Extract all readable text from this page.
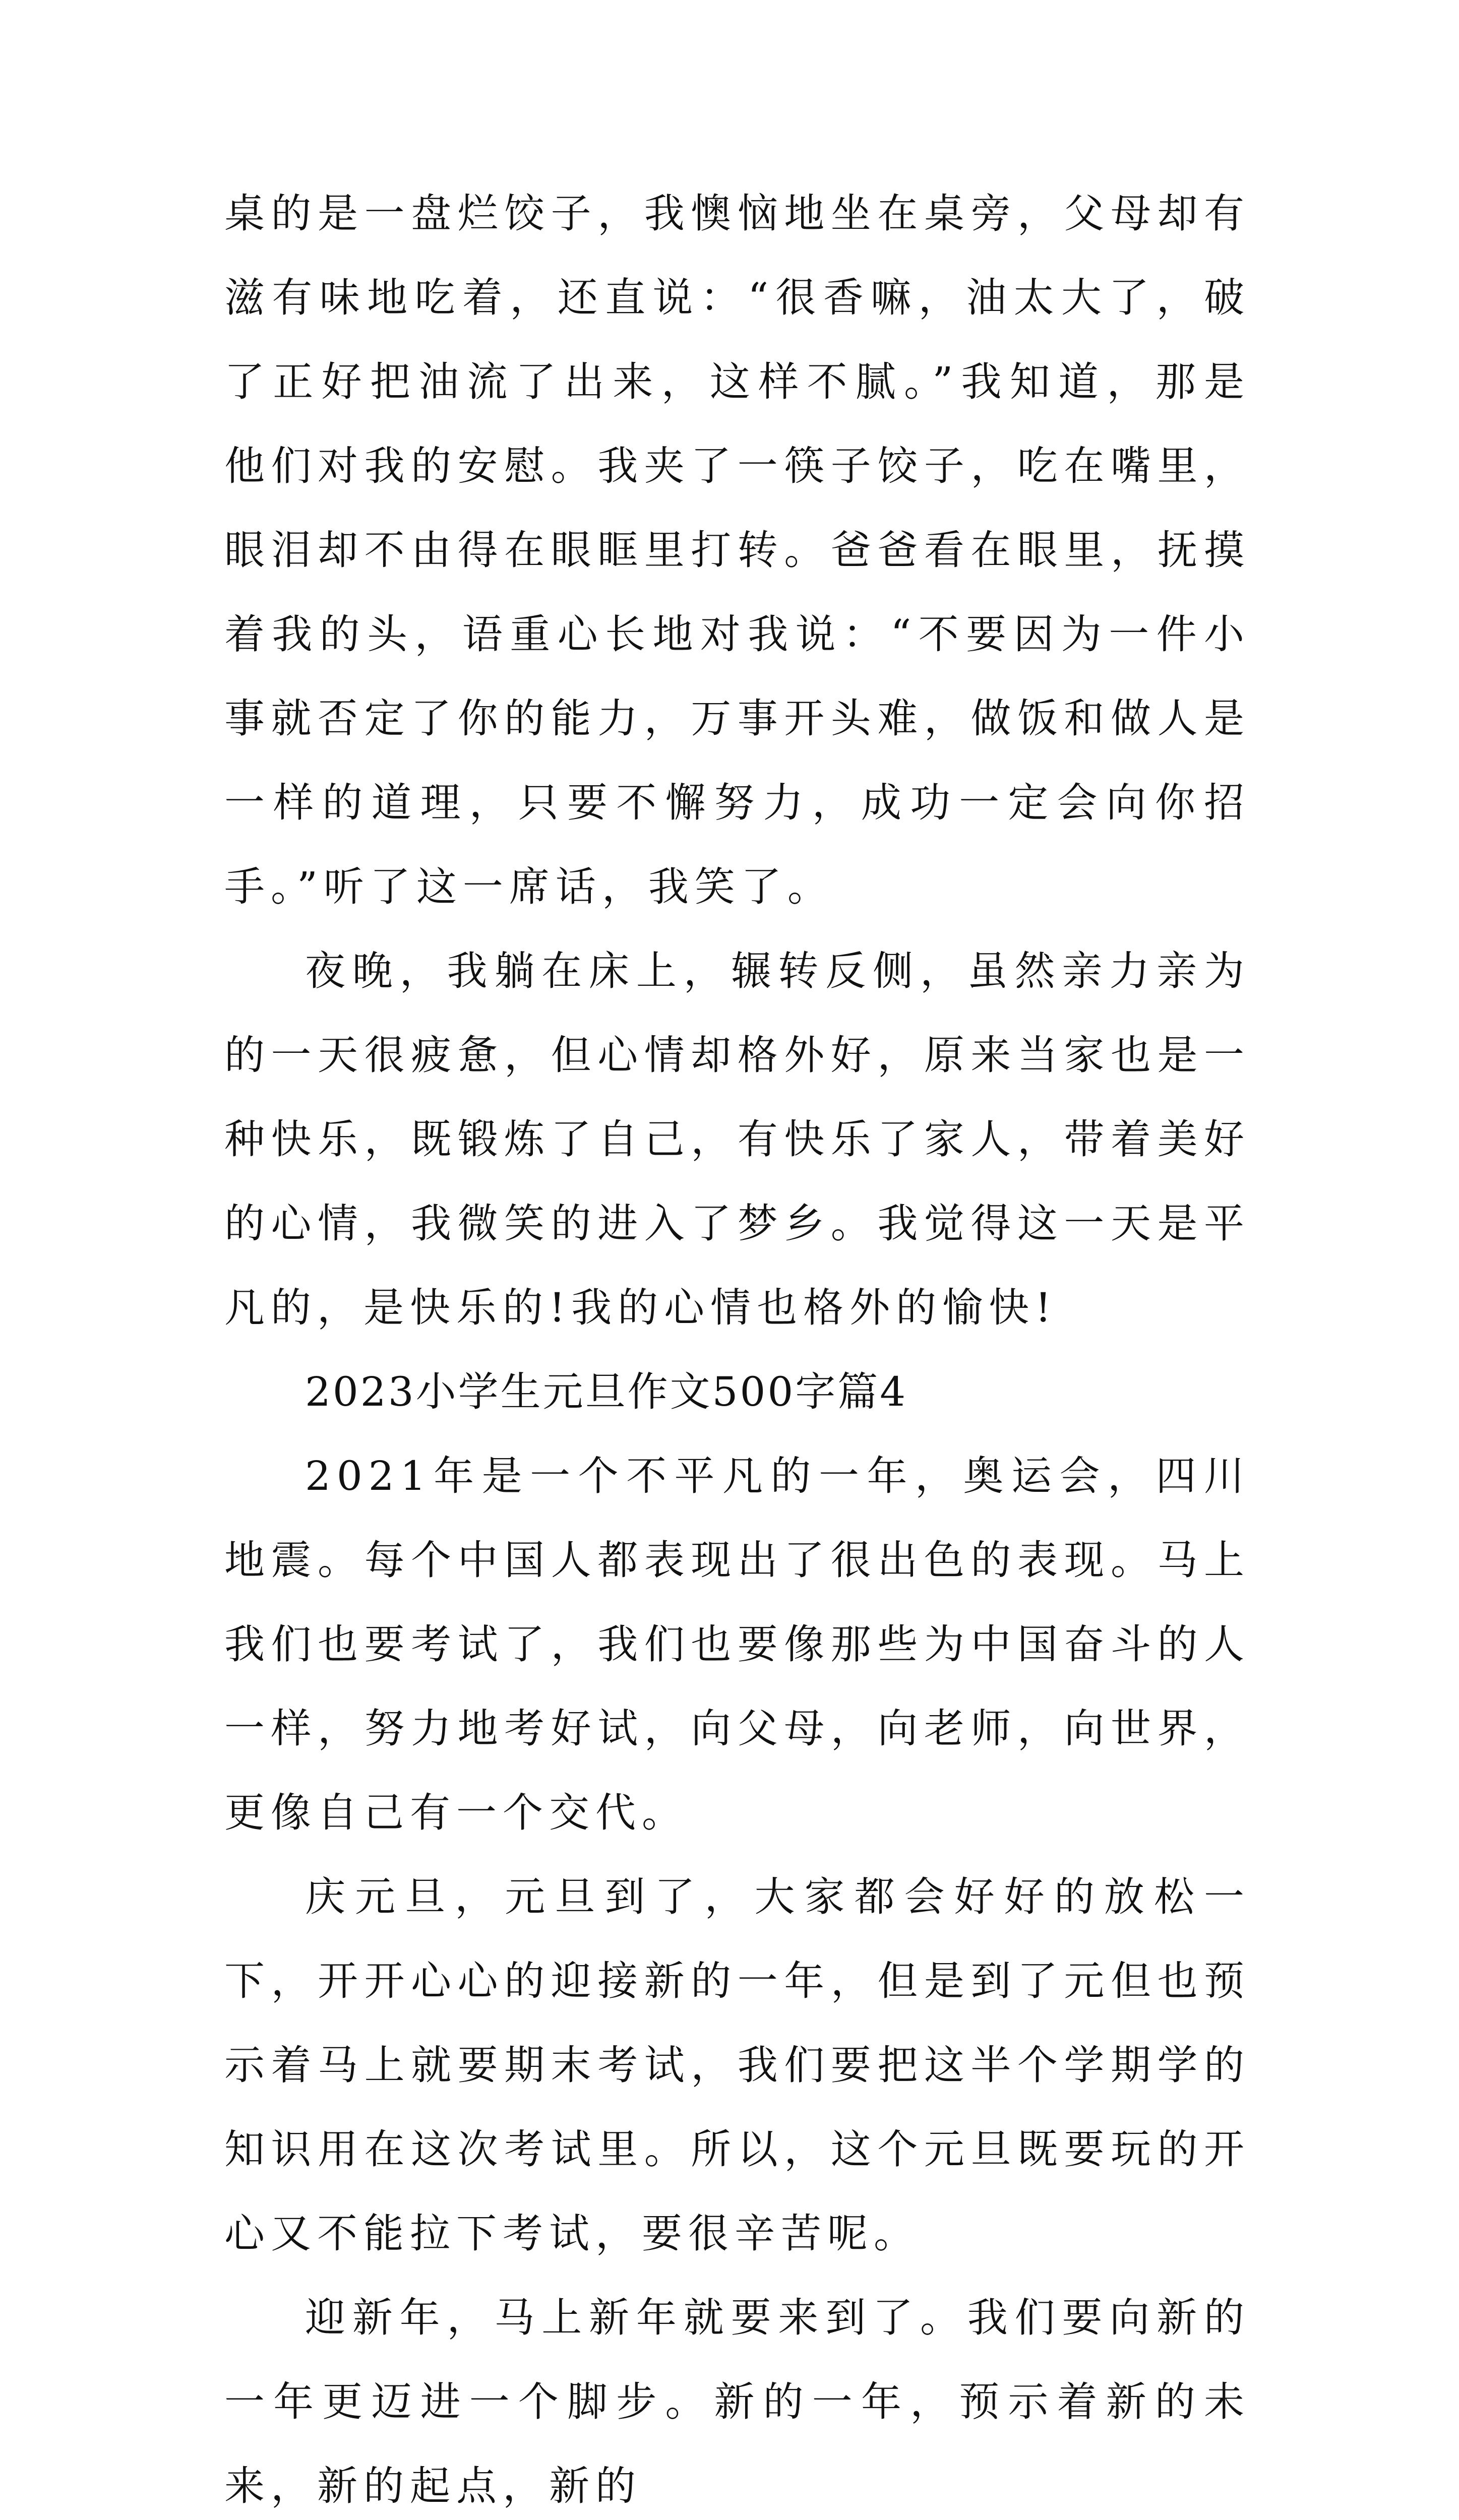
桌的是一盘烂饺子，我懊恼地坐在桌旁，父母却有滋有味地吃着，还直说：“很香嘛，油太大了，破了正好把油流了出来，这样不腻。”我知道，那是他们对我的安慰。我夹了一筷子饺子，吃在嘴里，眼泪却不由得在眼眶里打转。爸爸看在眼里，抚摸着我的头，语重心长地对我说：“不要因为一件小事就否定了你的能力，万事开头难，做饭和做人是一样的道理，只要不懈努力，成功一定会向你招手。”听了这一席话，我笑了。

夜晚，我躺在床上，辗转反侧，虽然亲力亲为的一天很疲惫，但心情却格外好，原来当家也是一种快乐，既锻炼了自己，有快乐了家人，带着美好的心情，我微笑的进入了梦乡。我觉得这一天是平凡的，是快乐的!我的心情也格外的愉快!

2023小学生元旦作文500字篇4

2021年是一个不平凡的一年，奥运会，四川地震。每个中国人都表现出了很出色的表现。马上我们也要考试了，我们也要像那些为中国奋斗的人一样，努力地考好试，向父母，向老师，向世界，更像自己有一个交代。

庆元旦，元旦到了，大家都会好好的放松一下，开开心心的迎接新的一年，但是到了元但也预示着马上就要期末考试，我们要把这半个学期学的知识用在这次考试里。所以，这个元旦既要玩的开心又不能拉下考试，要很辛苦呢。

迎新年，马上新年就要来到了。我们要向新的一年更迈进一个脚步。新的一年，预示着新的未来，新的起点，新的
